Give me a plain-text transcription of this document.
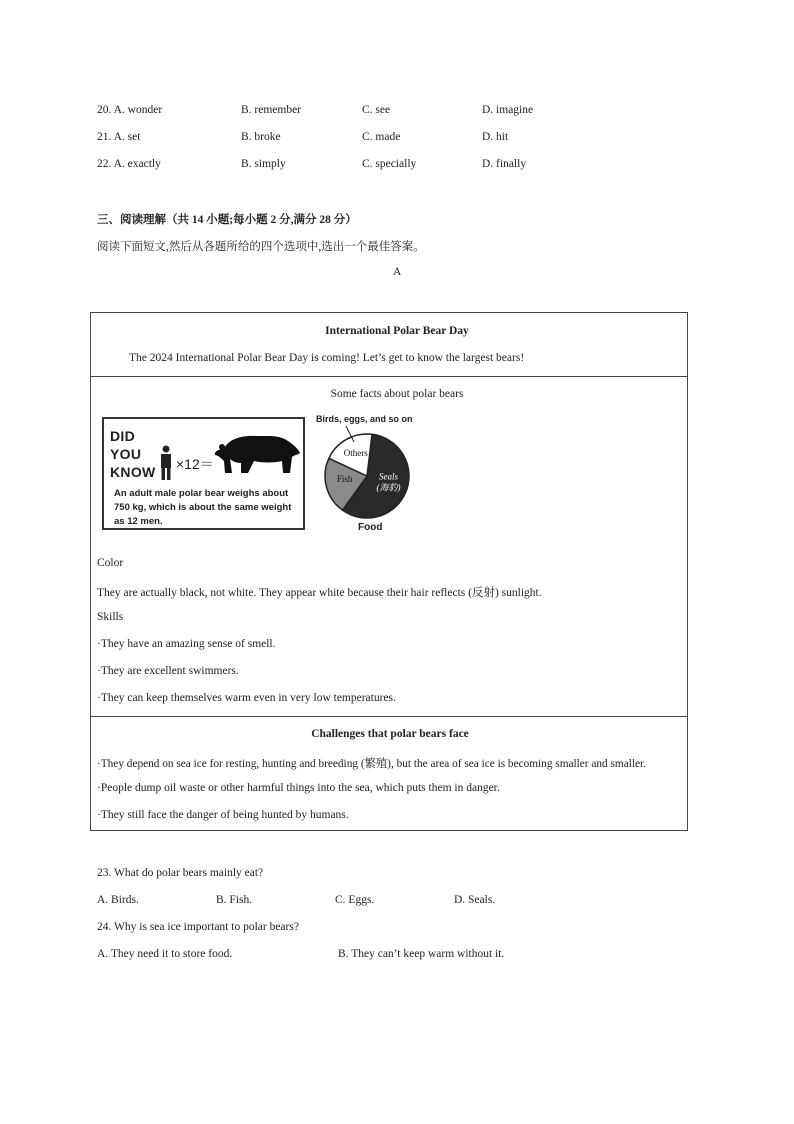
20. A. wonder	B. remember	C. see	D. imagine
21. A. set	B. broke	C. made	D. hit
22. A. exactly	B. simply	C. specially	D. finally
三、阅读理解（共 14 小题;每小题 2 分,满分 28 分）
阅读下面短文,然后从各题所给的四个选项中,选出一个最佳答案。
A
International Polar Bear Day
The 2024 International Polar Bear Day is coming! Let’s get to know the largest bears!
Some facts about polar bears
DID
YOU
KNOW ×12＝
An adult male polar bear weighs about
750 kg, which is about the same weight
as 12 men.
Birds, eggs, and so on
Seals (海豹)
Fish
Others
Food
Color
They are actually black, not white. They appear white because their hair reflects (反射) sunlight.
Skills
·They have an amazing sense of smell.
·They are excellent swimmers.
·They can keep themselves warm even in very low temperatures.
Challenges that polar bears face
·They depend on sea ice for resting, hunting and breeding (繁殖), but the area of sea ice is becoming smaller and smaller.
·People dump oil waste or other harmful things into the sea, which puts them in danger.
·They still face the danger of being hunted by humans.
23. What do polar bears mainly eat?
A. Birds.	B. Fish.	C. Eggs.	D. Seals.
24. Why is sea ice important to polar bears?
A. They need it to store food.	B. They can’t keep warm without it.
